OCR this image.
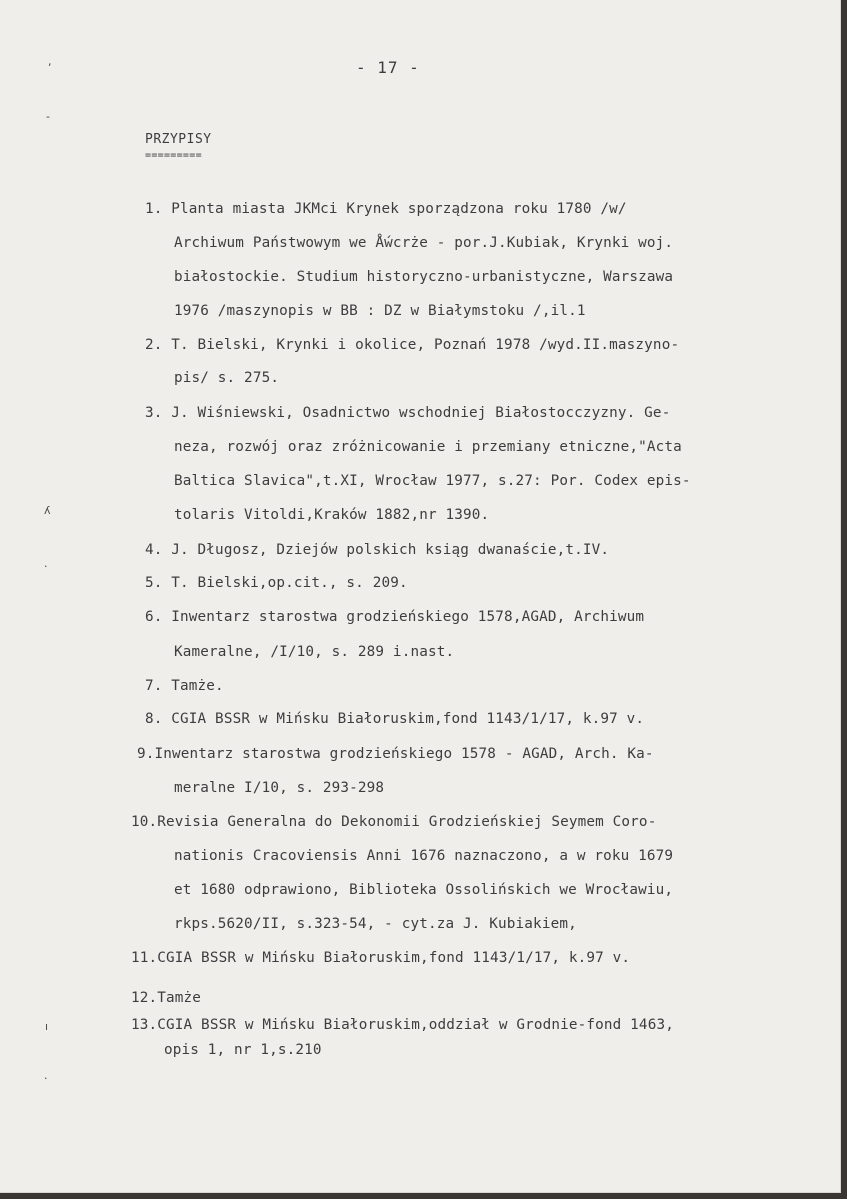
,
-
ʎ
·
ı
·
- 17 -
PRZYPISY
=========
1. Planta miasta JKMci Krynek sporządzona roku 1780 /w/
Archiwum Państwowym we Ǻwcrże - por.J.Kubiak, Krynki woj.
białostockie. Studium historyczno-urbanistyczne, Warszawa
1976 /maszynopis w BB : DZ w Białymstoku /,il.1
2. T. Bielski, Krynki i okolice, Poznań 1978 /wyd.II.maszyno-
pis/ s. 275.
3. J. Wiśniewski, Osadnictwo wschodniej Białostocczyzny. Ge-
neza, rozwój oraz zróżnicowanie i przemiany etniczne,"Acta
Baltica Slavica",t.XI, Wrocław 1977, s.27: Por. Codex epis-
tolaris Vitoldi,Kraków 1882,nr 1390.
4. J. Długosz, Dziejów polskich ksiąg dwanaście,t.IV.
5. T. Bielski,op.cit., s. 209.
6. Inwentarz starostwa grodzieńskiego 1578,AGAD, Archiwum
Kameralne, /I/10, s. 289 i.nast.
7. Tamże.
8. CGIA BSSR w Mińsku Białoruskim,fond 1143/1/17, k.97 v.
9.Inwentarz starostwa grodzieńskiego 1578 - AGAD, Arch. Ka-
meralne I/10, s. 293-298
10.Revisia Generalna do Dekonomii Grodzieńskiej Seymem Coro-
nationis Cracoviensis Anni 1676 naznaczono, a w roku 1679
et 1680 odprawiono, Biblioteka Ossolińskich we Wrocławiu,
rkps.5620/II, s.323-54, - cyt.za J. Kubiakiem,
11.CGIA BSSR w Mińsku Białoruskim,fond 1143/1/17, k.97 v.
12.Tamże
13.CGIA BSSR w Mińsku Białoruskim,oddział w Grodnie-fond 1463,
opis 1, nr 1,s.210
